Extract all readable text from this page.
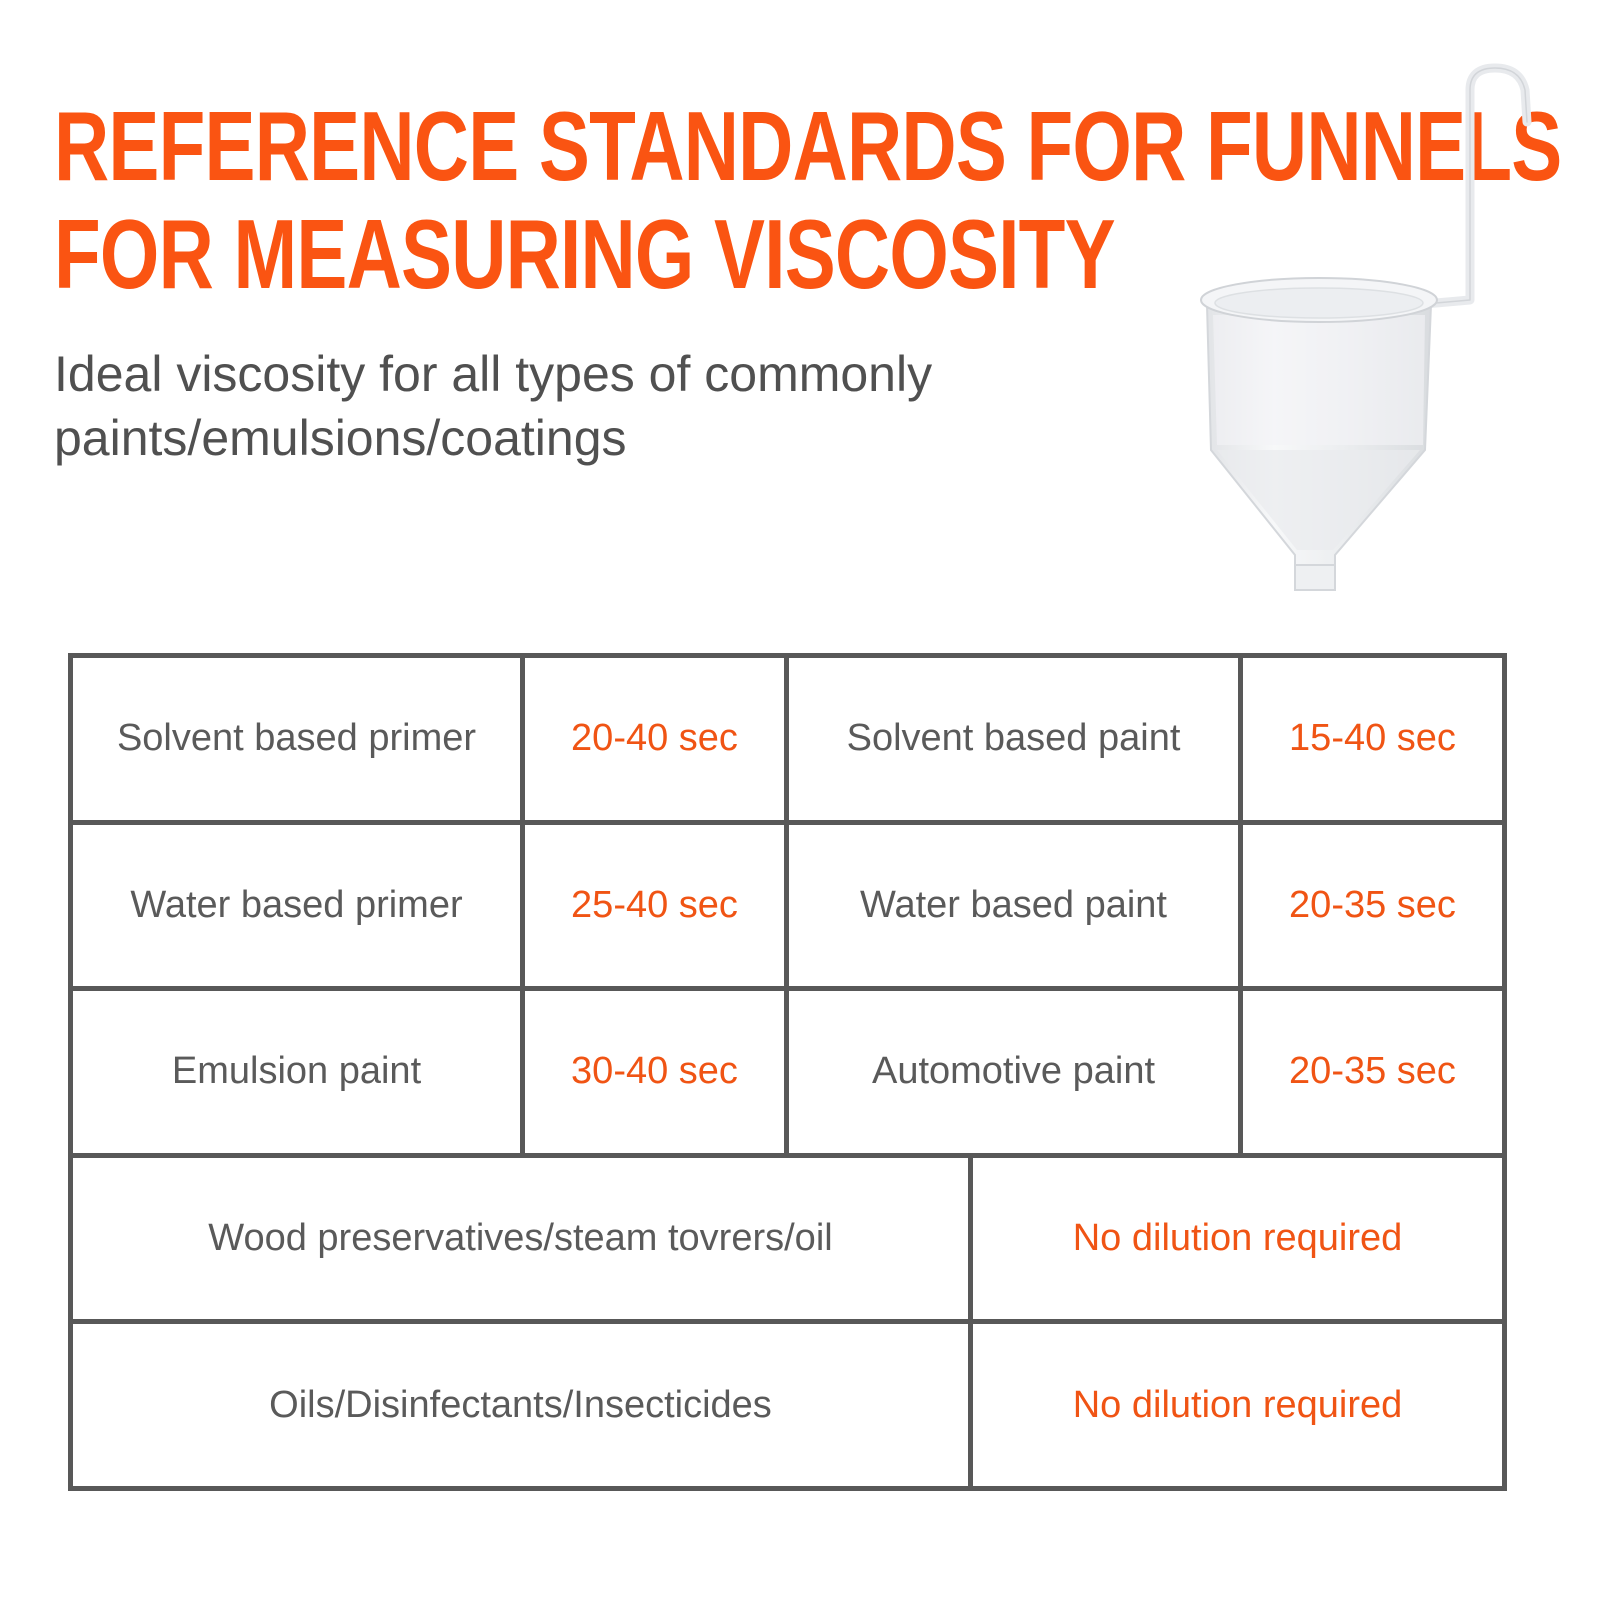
REFERENCE STANDARDS FOR FUNNELS
FOR MEASURING VISCOSITY

Ideal viscosity for all types of commonly
paints/emulsions/coatings

Solvent based primer	20-40 sec	Solvent based paint		15-40 sec
Water based primer	25-40 sec	Water based paint		20-35 sec
Emulsion paint	30-40 sec	Automotive paint		20-35 sec
Wood preservatives/steam tovrers/oil			No dilution required	
Oils/Disinfectants/Insecticides			No dilution required	
